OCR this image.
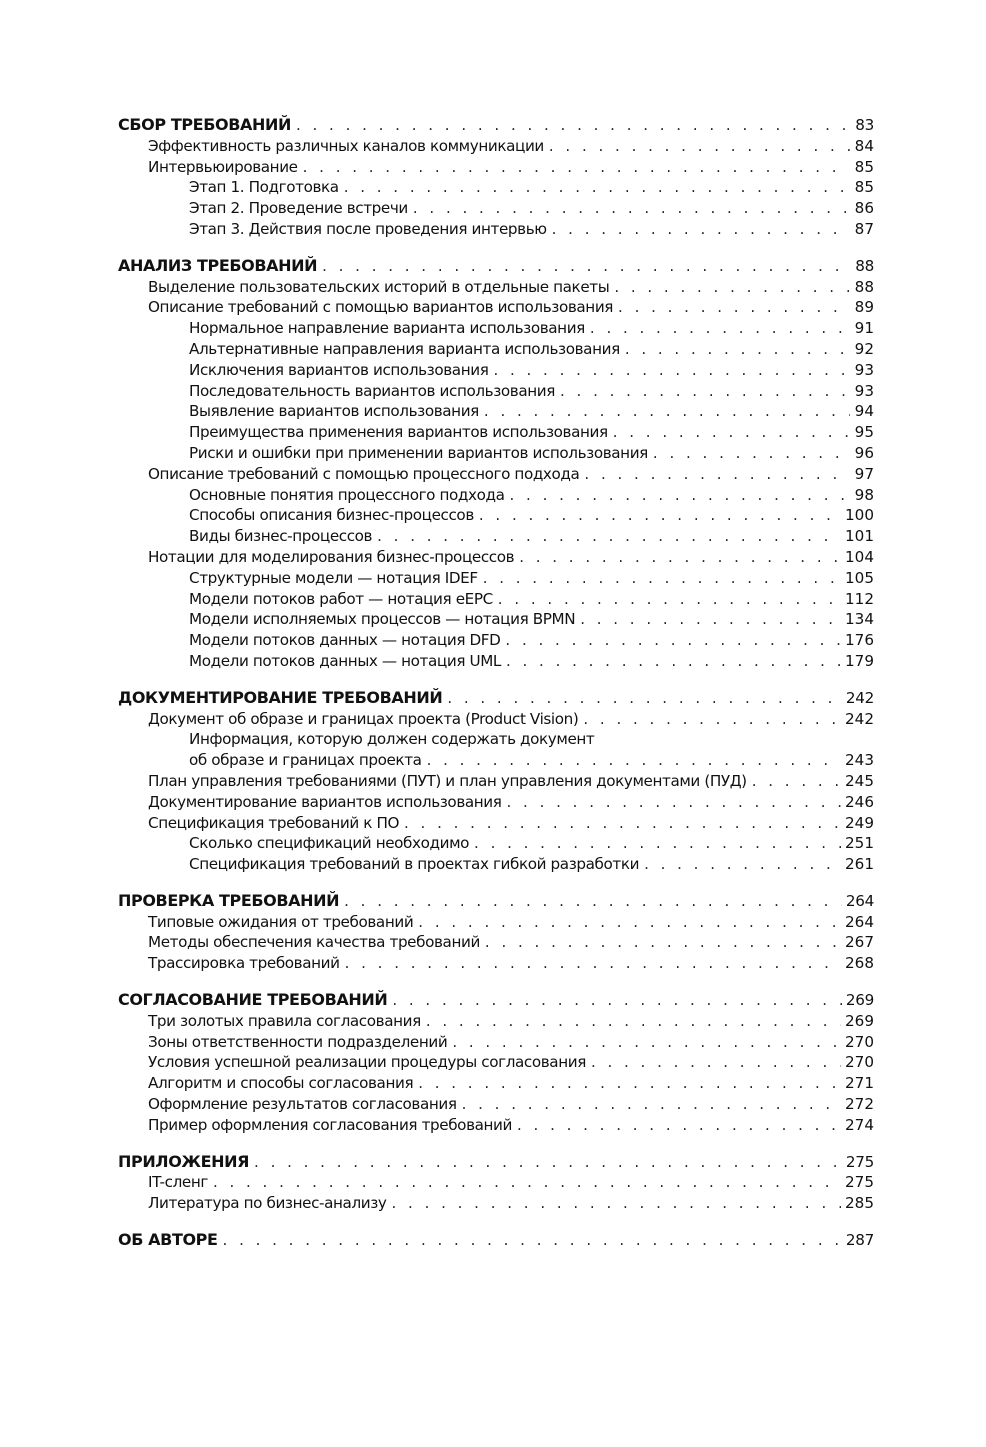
СБОР ТРЕБОВАНИЙ . . .	83
Эффективность различных каналов коммуникации . . .	84
Интервьюирование . . .	85
Этап 1. Подготовка . . .	85
Этап 2. Проведение встречи . . .	86
Этап 3. Действия после проведения интервью . . .	87
АНАЛИЗ ТРЕБОВАНИЙ . . .	88
Выделение пользовательских историй в отдельные пакеты . . .	88
Описание требований с помощью вариантов использования . . .	89
Нормальное направление варианта использования . . .	91
Альтернативные направления варианта использования . . .	92
Исключения вариантов использования . . .	93
Последовательность вариантов использования . . .	93
Выявление вариантов использования . . .	94
Преимущества применения вариантов использования . . .	95
Риски и ошибки при применении вариантов использования . . .	96
Описание требований с помощью процессного подхода . . .	97
Основные понятия процессного подхода . . .	98
Способы описания бизнес-процессов . . .	100
Виды бизнес-процессов . . .	101
Нотации для моделирования бизнес-процессов . . .	104
Структурные модели — нотация IDEF . . .	105
Модели потоков работ — нотация eEPC . . .	112
Модели исполняемых процессов — нотация BPMN . . .	134
Модели потоков данных — нотация DFD . . .	176
Модели потоков данных — нотация UML . . .	179
ДОКУМЕНТИРОВАНИЕ ТРЕБОВАНИЙ . . .	242
Документ об образе и границах проекта (Product Vision) . . .	242
Информация, которую должен содержать документ
об образе и границах проекта . . .	243
План управления требованиями (ПУТ) и план управления документами (ПУД) . . .	245
Документирование вариантов использования . . .	246
Спецификация требований к ПО . . .	249
Сколько спецификаций необходимо . . .	251
Спецификация требований в проектах гибкой разработки . . .	261
ПРОВЕРКА ТРЕБОВАНИЙ . . .	264
Типовые ожидания от требований . . .	264
Методы обеспечения качества требований . . .	267
Трассировка требований . . .	268
СОГЛАСОВАНИЕ ТРЕБОВАНИЙ . . .	269
Три золотых правила согласования . . .	269
Зоны ответственности подразделений . . .	270
Условия успешной реализации процедуры согласования . . .	270
Алгоритм и способы согласования . . .	271
Оформление результатов согласования . . .	272
Пример оформления согласования требований . . .	274
ПРИЛОЖЕНИЯ . . .	275
IT-сленг . . .	275
Литература по бизнес-анализу . . .	285
ОБ АВТОРЕ . . .	287
